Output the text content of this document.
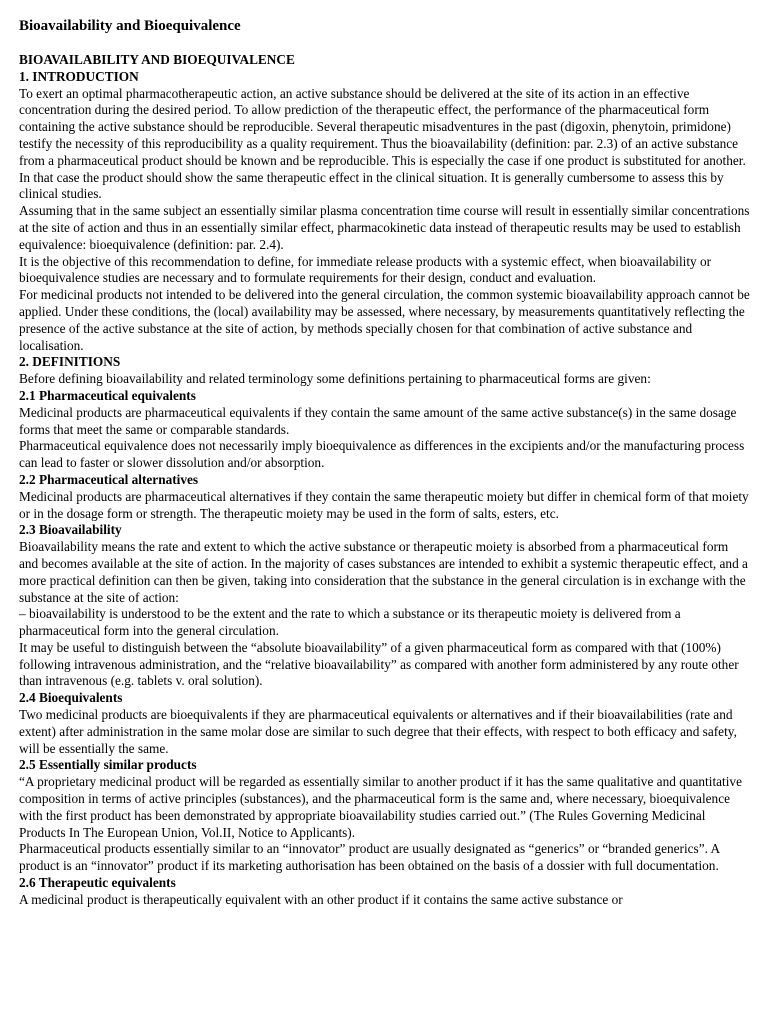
Bioavailability and Bioequivalence
BIOAVAILABILITY AND BIOEQUIVALENCE
1. INTRODUCTION

To exert an optimal pharmacotherapeutic action, an active substance should be delivered at the site of its action in an effective concentration during the desired period. To allow prediction of the therapeutic effect, the performance of the pharmaceutical form containing the active substance should be reproducible. Several therapeutic misadventures in the past (digoxin, phenytoin, primidone) testify the necessity of this reproducibility as a quality requirement. Thus the bioavailability (definition: par. 2.3) of an active substance from a pharmaceutical product should be known and be reproducible. This is especially the case if one product is substituted for another. In that case the product should show the same therapeutic effect in the clinical situation. It is generally cumbersome to assess this by clinical studies.

Assuming that in the same subject an essentially similar plasma concentration time course will result in essentially similar concentrations at the site of action and thus in an essentially similar effect, pharmacokinetic data instead of therapeutic results may be used to establish equivalence: bioequivalence (definition: par. 2.4).

It is the objective of this recommendation to define, for immediate release products with a systemic effect, when bioavailability or bioequivalence studies are necessary and to formulate requirements for their design, conduct and evaluation.

For medicinal products not intended to be delivered into the general circulation, the common systemic bioavailability approach cannot be applied. Under these conditions, the (local) availability may be assessed, where necessary, by measurements quantitatively reflecting the presence of the active substance at the site of action, by methods specially chosen for that combination of active substance and localisation.

2. DEFINITIONS

Before defining bioavailability and related terminology some definitions pertaining to pharmaceutical forms are given:

2.1 Pharmaceutical equivalents

Medicinal products are pharmaceutical equivalents if they contain the same amount of the same active substance(s) in the same dosage forms that meet the same or comparable standards.

Pharmaceutical equivalence does not necessarily imply bioequivalence as differences in the excipients and/or the manufacturing process can lead to faster or slower dissolution and/or absorption.

2.2 Pharmaceutical alternatives

Medicinal products are pharmaceutical alternatives if they contain the same therapeutic moiety but differ in chemical form of that moiety or in the dosage form or strength. The therapeutic moiety may be used in the form of salts, esters, etc.

2.3 Bioavailability

Bioavailability means the rate and extent to which the active substance or therapeutic moiety is absorbed from a pharmaceutical form and becomes available at the site of action. In the majority of cases substances are intended to exhibit a systemic therapeutic effect, and a more practical definition can then be given, taking into consideration that the substance in the general circulation is in exchange with the substance at the site of action:

– bioavailability is understood to be the extent and the rate to which a substance or its therapeutic moiety is delivered from a pharmaceutical form into the general circulation.

It may be useful to distinguish between the “absolute bioavailability” of a given pharmaceutical form as compared with that (100%) following intravenous administration, and the “relative bioavailability” as compared with another form administered by any route other than intravenous (e.g. tablets v. oral solution).

2.4 Bioequivalents

Two medicinal products are bioequivalents if they are pharmaceutical equivalents or alternatives and if their bioavailabilities (rate and extent) after administration in the same molar dose are similar to such degree that their effects, with respect to both efficacy and safety, will be essentially the same.

2.5 Essentially similar products

“A proprietary medicinal product will be regarded as essentially similar to another product if it has the same qualitative and quantitative composition in terms of active principles (substances), and the pharmaceutical form is the same and, where necessary, bioequivalence with the first product has been demonstrated by appropriate bioavailability studies carried out.” (The Rules Governing Medicinal Products In The European Union, Vol.II, Notice to Applicants).

Pharmaceutical products essentially similar to an “innovator” product are usually designated as “generics” or “branded generics”. A product is an “innovator” product if its marketing authorisation has been obtained on the basis of a dossier with full documentation.

2.6 Therapeutic equivalents

A medicinal product is therapeutically equivalent with an other product if it contains the same active substance or
